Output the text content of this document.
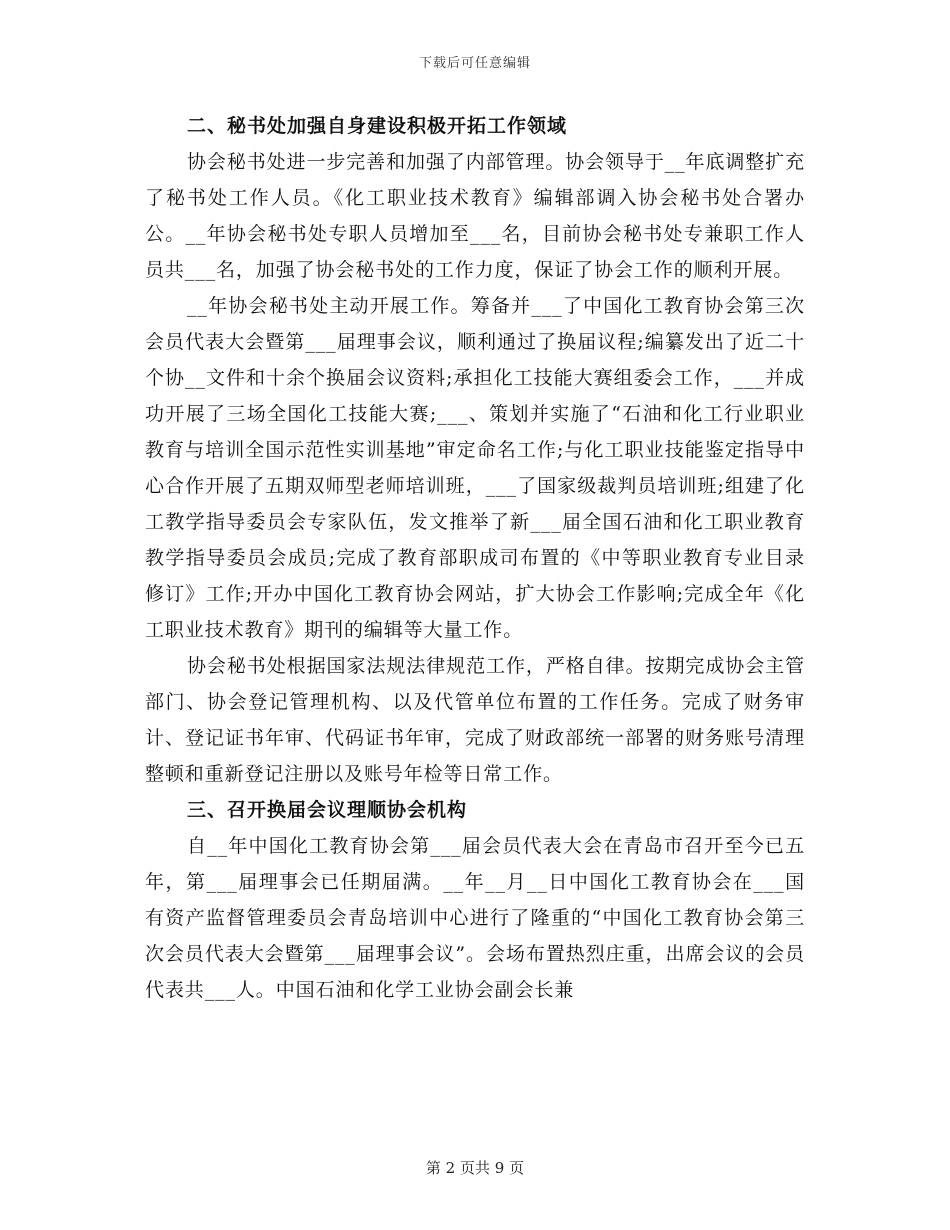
下载后可任意编辑
二、秘书处加强自身建设积极开拓工作领域

协会秘书处进一步完善和加强了内部管理。协会领导于__年底调整扩充了秘书处工作人员。《化工职业技术教育》编辑部调入协会秘书处合署办公。__年协会秘书处专职人员增加至___名，目前协会秘书处专兼职工作人员共___名，加强了协会秘书处的工作力度，保证了协会工作的顺利开展。

__年协会秘书处主动开展工作。筹备并___了中国化工教育协会第三次会员代表大会暨第___届理事会议，顺利通过了换届议程;编纂发出了近二十个协__文件和十余个换届会议资料;承担化工技能大赛组委会工作，___并成功开展了三场全国化工技能大赛;___、策划并实施了“石油和化工行业职业教育与培训全国示范性实训基地”审定命名工作;与化工职业技能鉴定指导中心合作开展了五期双师型老师培训班，___了国家级裁判员培训班;组建了化工教学指导委员会专家队伍，发文推举了新___届全国石油和化工职业教育教学指导委员会成员;完成了教育部职成司布置的《中等职业教育专业目录修订》工作;开办中国化工教育协会网站，扩大协会工作影响;完成全年《化工职业技术教育》期刊的编辑等大量工作。

协会秘书处根据国家法规法律规范工作，严格自律。按期完成协会主管部门、协会登记管理机构、以及代管单位布置的工作任务。完成了财务审计、登记证书年审、代码证书年审，完成了财政部统一部署的财务账号清理整顿和重新登记注册以及账号年检等日常工作。

三、召开换届会议理顺协会机构

自__年中国化工教育协会第___届会员代表大会在青岛市召开至今已五年，第___届理事会已任期届满。__年__月__日中国化工教育协会在___国有资产监督管理委员会青岛培训中心进行了隆重的“中国化工教育协会第三次会员代表大会暨第___届理事会议”。会场布置热烈庄重，出席会议的会员代表共___人。中国石油和化学工业协会副会长兼

第 2 页共 9 页
